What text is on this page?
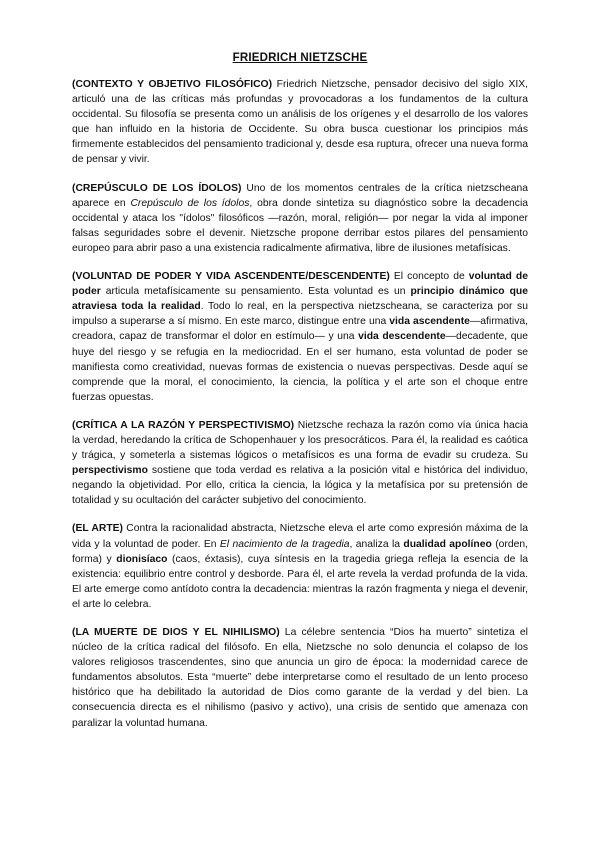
FRIEDRICH NIETZSCHE

(CONTEXTO Y OBJETIVO FILOSÓFICO) Friedrich Nietzsche, pensador decisivo del siglo XIX, articuló una de las críticas más profundas y provocadoras a los fundamentos de la cultura occidental. Su filosofía se presenta como un análisis de los orígenes y el desarrollo de los valores que han influido en la historia de Occidente. Su obra busca cuestionar los principios más firmemente establecidos del pensamiento tradicional y, desde esa ruptura, ofrecer una nueva forma de pensar y vivir.

(CREPÚSCULO DE LOS ÍDOLOS) Uno de los momentos centrales de la crítica nietzscheana aparece en Crepúsculo de los ídolos, obra donde sintetiza su diagnóstico sobre la decadencia occidental y ataca los "ídolos" filosóficos —razón, moral, religión— por negar la vida al imponer falsas seguridades sobre el devenir. Nietzsche propone derribar estos pilares del pensamiento europeo para abrir paso a una existencia radicalmente afirmativa, libre de ilusiones metafísicas.

(VOLUNTAD DE PODER Y VIDA ASCENDENTE/DESCENDENTE) El concepto de voluntad de poder articula metafísicamente su pensamiento. Esta voluntad es un principio dinámico que atraviesa toda la realidad. Todo lo real, en la perspectiva nietzscheana, se caracteriza por su impulso a superarse a sí mismo. En este marco, distingue entre una vida ascendente—afirmativa, creadora, capaz de transformar el dolor en estímulo— y una vida descendente—decadente, que huye del riesgo y se refugia en la mediocridad. En el ser humano, esta voluntad de poder se manifiesta como creatividad, nuevas formas de existencia o nuevas perspectivas. Desde aquí se comprende que la moral, el conocimiento, la ciencia, la política y el arte son el choque entre fuerzas opuestas.

(CRÍTICA A LA RAZÓN Y PERSPECTIVISMO) Nietzsche rechaza la razón como vía única hacia la verdad, heredando la crítica de Schopenhauer y los presocráticos. Para él, la realidad es caótica y trágica, y someterla a sistemas lógicos o metafísicos es una forma de evadir su crudeza. Su perspectivismo sostiene que toda verdad es relativa a la posición vital e histórica del individuo, negando la objetividad. Por ello, critica la ciencia, la lógica y la metafísica por su pretensión de totalidad y su ocultación del carácter subjetivo del conocimiento.

(EL ARTE) Contra la racionalidad abstracta, Nietzsche eleva el arte como expresión máxima de la vida y la voluntad de poder. En El nacimiento de la tragedia, analiza la dualidad apolíneo (orden, forma) y dionisíaco (caos, éxtasis), cuya síntesis en la tragedia griega refleja la esencia de la existencia: equilibrio entre control y desborde. Para él, el arte revela la verdad profunda de la vida. El arte emerge como antídoto contra la decadencia: mientras la razón fragmenta y niega el devenir, el arte lo celebra.

(LA MUERTE DE DIOS Y EL NIHILISMO) La célebre sentencia “Dios ha muerto” sintetiza el núcleo de la crítica radical del filósofo. En ella, Nietzsche no solo denuncia el colapso de los valores religiosos trascendentes, sino que anuncia un giro de época: la modernidad carece de fundamentos absolutos. Esta “muerte” debe interpretarse como el resultado de un lento proceso histórico que ha debilitado la autoridad de Dios como garante de la verdad y del bien. La consecuencia directa es el nihilismo (pasivo y activo), una crisis de sentido que amenaza con paralizar la voluntad humana.
